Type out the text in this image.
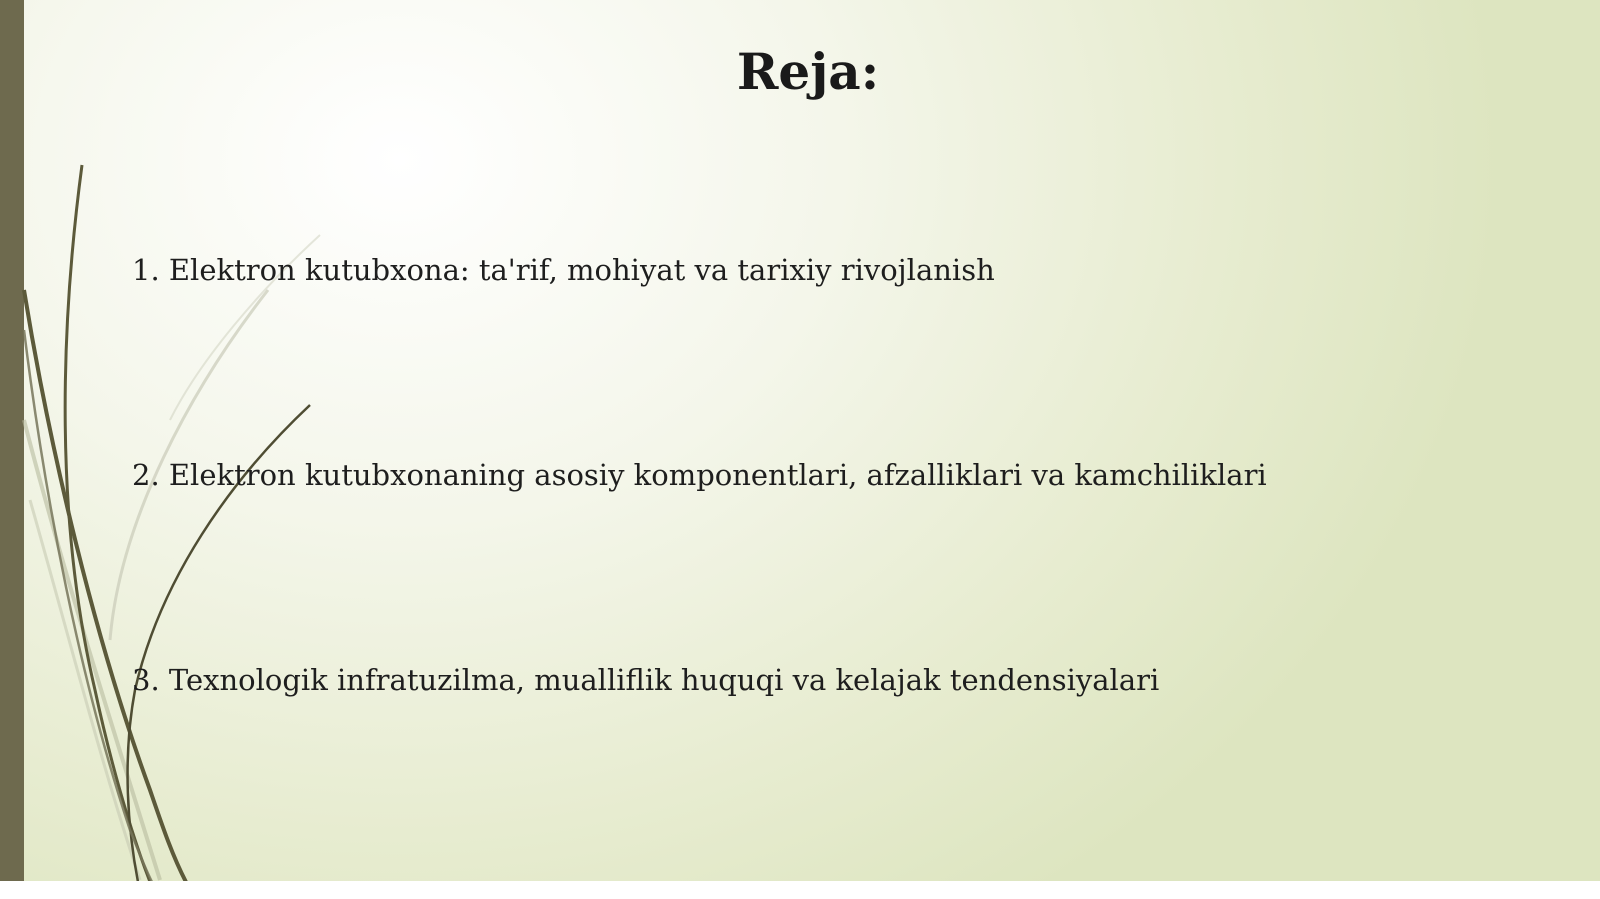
Reja:
1. Elektron kutubxona: ta'rif, mohiyat va tarixiy rivojlanish
2. Elektron kutubxonaning asosiy komponentlari, afzalliklari va kamchiliklari
3. Texnologik infratuzilma, mualliflik huquqi va kelajak tendensiyalari
